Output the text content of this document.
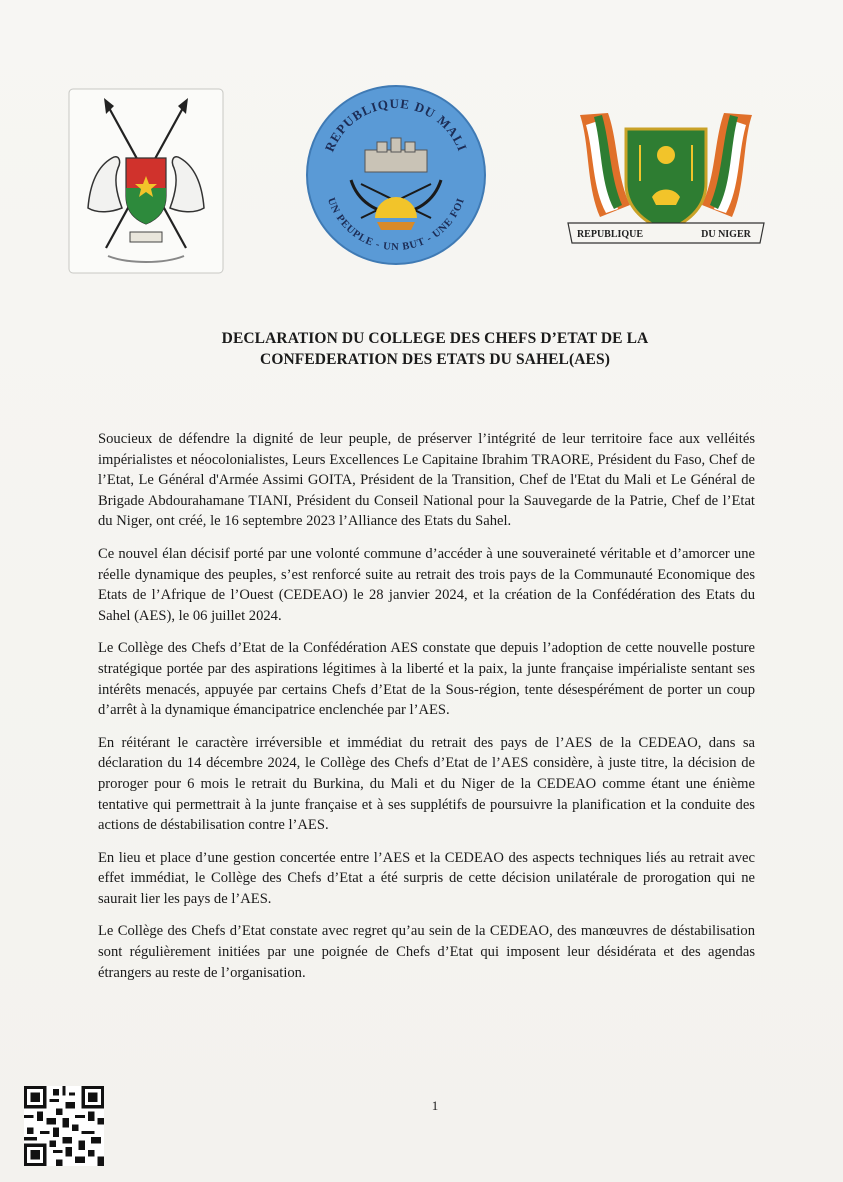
REPUBLIQUE DU MALI
UN PEUPLE - UN BUT - UNE FOI
REPUBLIQUE	DU NIGER
DECLARATION DU COLLEGE DES CHEFS D’ETAT DE LA
CONFEDERATION DES ETATS DU SAHEL(AES)

Soucieux de défendre la dignité de leur peuple, de préserver l’intégrité de leur territoire face aux velléités impérialistes et néocolonialistes, Leurs Excellences Le Capitaine Ibrahim TRAORE, Président du Faso, Chef de l’Etat, Le Général d'Armée Assimi GOITA, Président de la Transition, Chef de l'Etat du Mali et Le Général de Brigade Abdourahamane TIANI, Président du Conseil National pour la Sauvegarde de la Patrie, Chef de l’Etat du Niger, ont créé, le 16 septembre 2023 l’Alliance des Etats du Sahel.

Ce nouvel élan décisif porté par une volonté commune d’accéder à une souveraineté véritable et d’amorcer une réelle dynamique des peuples, s’est renforcé suite au retrait des trois pays de la Communauté Economique des Etats de l’Afrique de l’Ouest (CEDEAO) le 28 janvier 2024, et la création de la Confédération des Etats du Sahel (AES), le 06 juillet 2024.

Le Collège des Chefs d’Etat de la Confédération AES constate que depuis l’adoption de cette nouvelle posture stratégique portée par des aspirations légitimes à la liberté et la paix, la junte française impérialiste sentant ses intérêts menacés, appuyée par certains Chefs d’Etat de la Sous-région, tente désespérément de porter un coup d’arrêt à la dynamique émancipatrice enclenchée par l’AES.

En réitérant le caractère irréversible et immédiat du retrait des pays de l’AES de la CEDEAO, dans sa déclaration du 14 décembre 2024, le Collège des Chefs d’Etat de l’AES considère, à juste titre, la décision de proroger pour 6 mois le retrait du Burkina, du Mali et du Niger de la CEDEAO comme étant une énième tentative qui permettrait à la junte française et à ses supplétifs de poursuivre la planification et la conduite des actions de déstabilisation contre l’AES.

En lieu et place d’une gestion concertée entre l’AES et la CEDEAO des aspects techniques liés au retrait avec effet immédiat, le Collège des Chefs d’Etat a été surpris de cette décision unilatérale de prorogation qui ne saurait lier les pays de l’AES.

Le Collège des Chefs d’Etat constate avec regret qu’au sein de la CEDEAO, des manœuvres de déstabilisation sont régulièrement initiées par une poignée de Chefs d’Etat qui imposent leur désidérata et des agendas étrangers au reste de l’organisation.

1
